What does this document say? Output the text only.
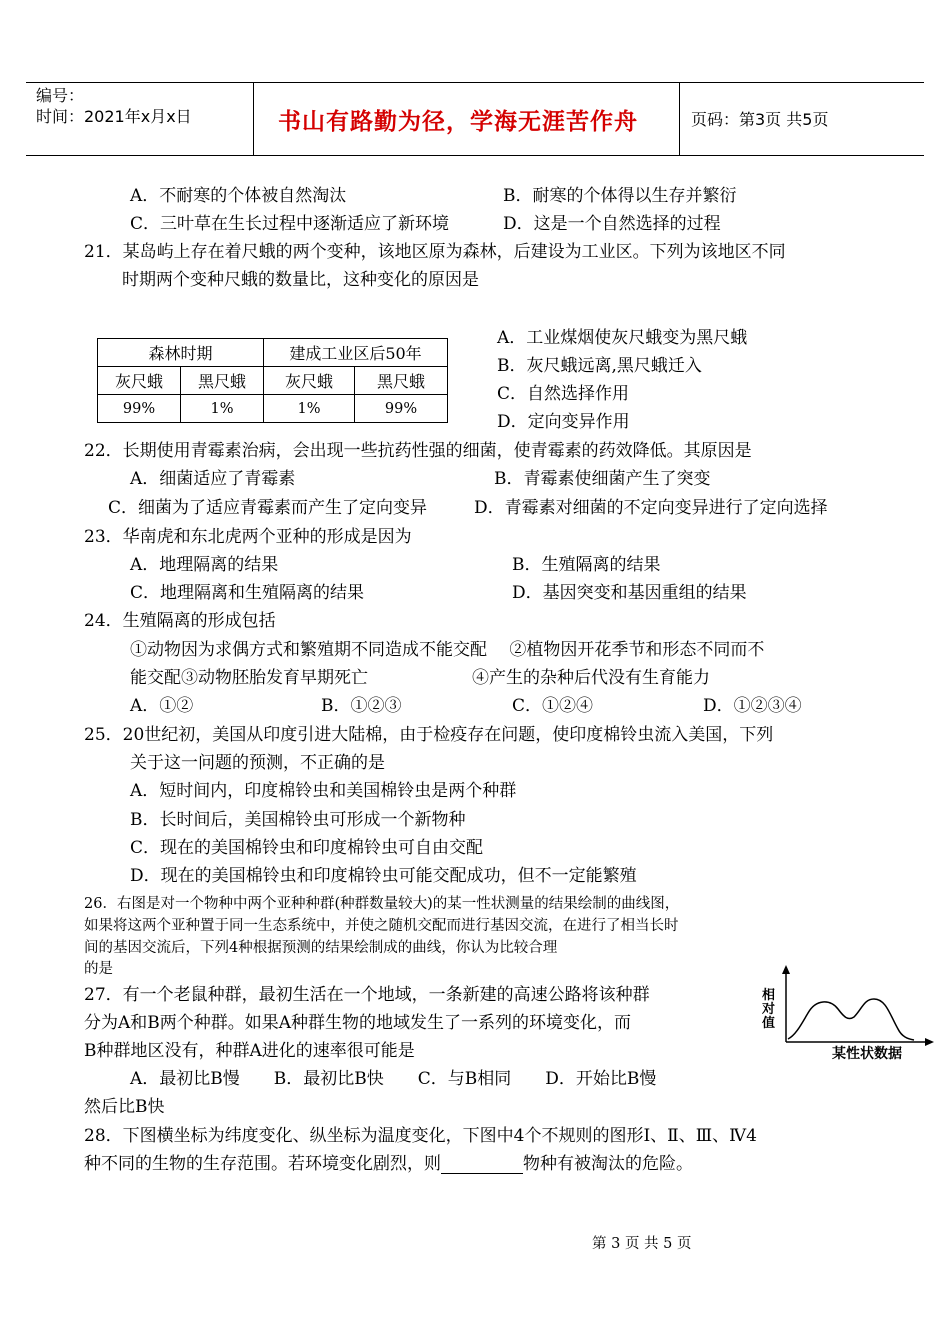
编号：
时间：2021年x月x日	书山有路勤为径，学海无涯苦作舟	页码：第3页 共5页
A．不耐寒的个体被自然淘汰	B．耐寒的个体得以生存并繁衍
C．三叶草在生长过程中逐渐适应了新环境	D．这是一个自然选择的过程
21．某岛屿上存在着尺蛾的两个变种，该地区原为森林，后建设为工业区。下列为该地区不同
时期两个变种尺蛾的数量比，这种变化的原因是
森林时期		建成工业区后50年	
灰尺蛾	黑尺蛾	灰尺蛾	黑尺蛾
99%	1%	1%	99%
A．工业煤烟使灰尺蛾变为黑尺蛾
B．灰尺蛾远离,黑尺蛾迁入
C．自然选择作用
D．定向变异作用
22．长期使用青霉素治病，会出现一些抗药性强的细菌，使青霉素的药效降低。其原因是
A．细菌适应了青霉素	B．青霉素使细菌产生了突变
C．细菌为了适应青霉素而产生了定向变异	D．青霉素对细菌的不定向变异进行了定向选择
23．华南虎和东北虎两个亚种的形成是因为
A．地理隔离的结果	B．生殖隔离的结果
C．地理隔离和生殖隔离的结果	D．基因突变和基因重组的结果
24．生殖隔离的形成包括
①动物因为求偶方式和繁殖期不同造成不能交配　 ②植物因开花季节和形态不同而不
能交配③动物胚胎发育早期死亡	④产生的杂种后代没有生育能力
A．①②	B．①②③	C．①②④	D．①②③④
25．20世纪初，美国从印度引进大陆棉，由于检疫存在问题，使印度棉铃虫流入美国，下列
关于这一问题的预测，不正确的是
A．短时间内，印度棉铃虫和美国棉铃虫是两个种群
B．长时间后，美国棉铃虫可形成一个新物种
C．现在的美国棉铃虫和印度棉铃虫可自由交配
D．现在的美国棉铃虫和印度棉铃虫可能交配成功，但不一定能繁殖
26．右图是对一个物种中两个亚种种群(种群数量较大)的某一性状测量的结果绘制的曲线图，
如果将这两个亚种置于同一生态系统中，并使之随机交配而进行基因交流，在进行了相当长时
间的基因交流后，下列4种根据预测的结果绘制成的曲线，你认为比较合理
的是
相
对
值
某性状数据
27．有一个老鼠种群，最初生活在一个地域，一条新建的高速公路将该种群
分为A和B两个种群。如果A种群生物的地域发生了一系列的环境变化，而
B种群地区没有，种群A进化的速率很可能是
A．最初比B慢　　B．最初比B快　　C．与B相同　　D．开始比B慢
然后比B快
28．下图横坐标为纬度变化、纵坐标为温度变化，下图中4个不规则的图形Ⅰ、Ⅱ、Ⅲ、Ⅳ4
种不同的生物的生存范围。若环境变化剧烈，则	物种有被淘汰的危险。
第 3 页 共 5 页
